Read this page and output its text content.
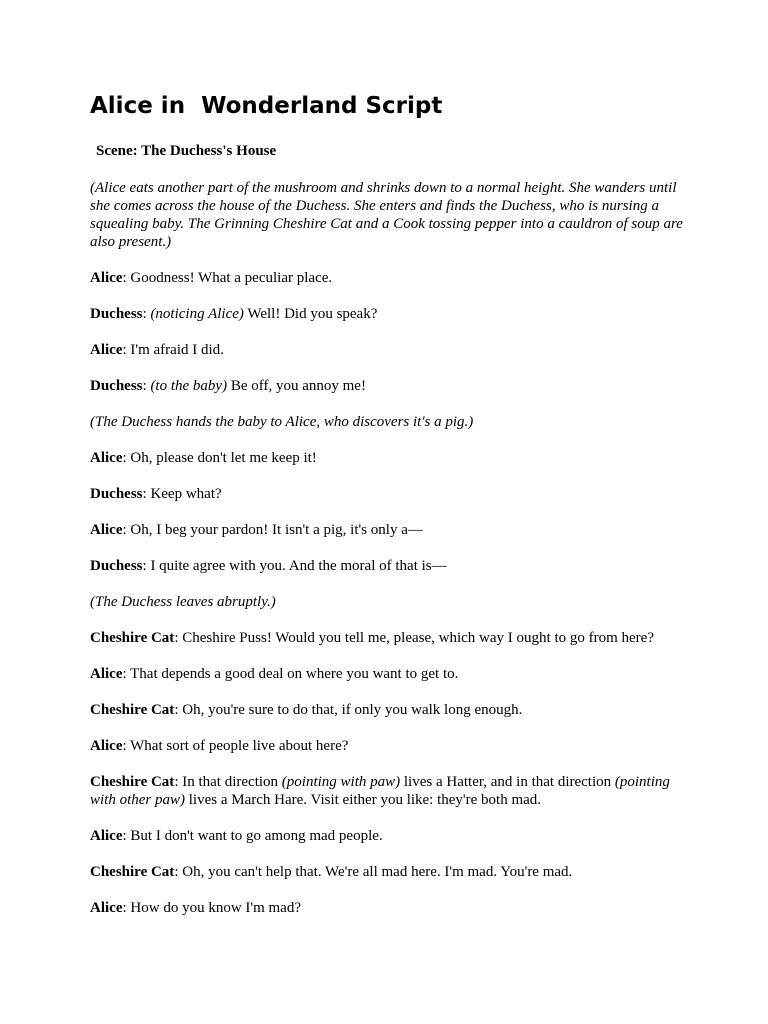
Alice in  Wonderland Script
Scene: The Duchess's House

(Alice eats another part of the mushroom and shrinks down to a normal height. She wanders until she comes across the house of the Duchess. She enters and finds the Duchess, who is nursing a squealing baby. The Grinning Cheshire Cat and a Cook tossing pepper into a cauldron of soup are also present.)

Alice: Goodness! What a peculiar place.

Duchess: (noticing Alice) Well! Did you speak?

Alice: I'm afraid I did.

Duchess: (to the baby) Be off, you annoy me!

(The Duchess hands the baby to Alice, who discovers it's a pig.)

Alice: Oh, please don't let me keep it!

Duchess: Keep what?

Alice: Oh, I beg your pardon! It isn't a pig, it's only a—

Duchess: I quite agree with you. And the moral of that is—

(The Duchess leaves abruptly.)

Cheshire Cat: Cheshire Puss! Would you tell me, please, which way I ought to go from here?

Alice: That depends a good deal on where you want to get to.

Cheshire Cat: Oh, you're sure to do that, if only you walk long enough.

Alice: What sort of people live about here?

Cheshire Cat: In that direction (pointing with paw) lives a Hatter, and in that direction (pointing with other paw) lives a March Hare. Visit either you like: they're both mad.

Alice: But I don't want to go among mad people.

Cheshire Cat: Oh, you can't help that. We're all mad here. I'm mad. You're mad.

Alice: How do you know I'm mad?
